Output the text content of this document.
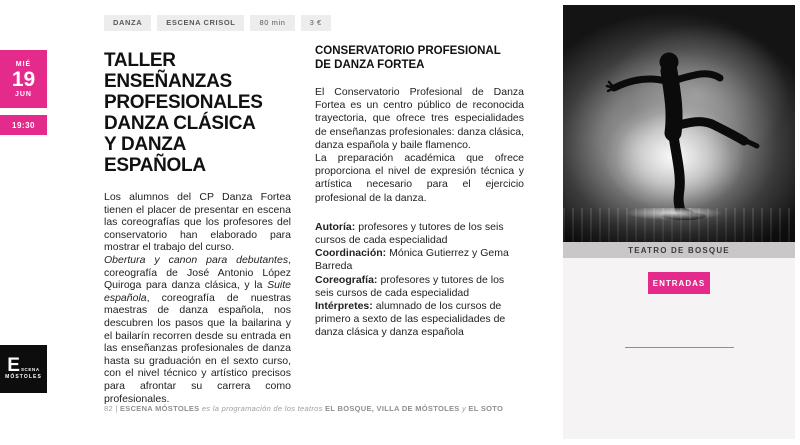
DANZA	ESCENA CRISOL	80 min	3 €
MIÉ
19
JUN
19:30
TALLER
ENSEÑANZAS
PROFESIONALES
DANZA CLÁSICA
Y DANZA
ESPAÑOLA

Los alumnos del CP Danza Fortea tienen el placer de presentar en escena las coreografías que los profesores del conservatorio han elaborado para mostrar el trabajo del curso.

Obertura y canon para debutantes, coreografía de José Antonio López Quiroga para danza clásica, y la Suite española, coreografía de nuestras maestras de danza española, nos descubren los pasos que la bailarina y el bailarín recorren desde su entrada en las enseñanzas profesionales de danza hasta su graduación en el sexto curso, con el nivel técnico y artístico precisos para afrontar su carrera como profesionales.

CONSERVATORIO PROFESIONAL
DE DANZA FORTEA

El Conservatorio Profesional de Danza Fortea es un centro público de reconocida trayectoria, que ofrece tres especialidades de enseñanzas profesionales: danza clásica, danza española y baile flamenco.

La preparación académica que ofrece proporciona el nivel de expresión técnica y artística necesario para el ejercicio profesional de la danza.

Autoría: profesores y tutores de los seis cursos de cada especialidad
Coordinación: Mónica Gutierrez y Gema Barreda
Coreografía: profesores y tutores de los seis cursos de cada especialidad
Intérpretes: alumnado de los cursos de primero a sexto de las especialidades de danza clásica y danza española
TEATRO DE BOSQUE
ENTRADAS
E SCENA
MÓSTOLES
82 | ESCENA MÓSTOLES es la programación de los teatros EL BOSQUE, VILLA DE MÓSTOLES y EL SOTO
